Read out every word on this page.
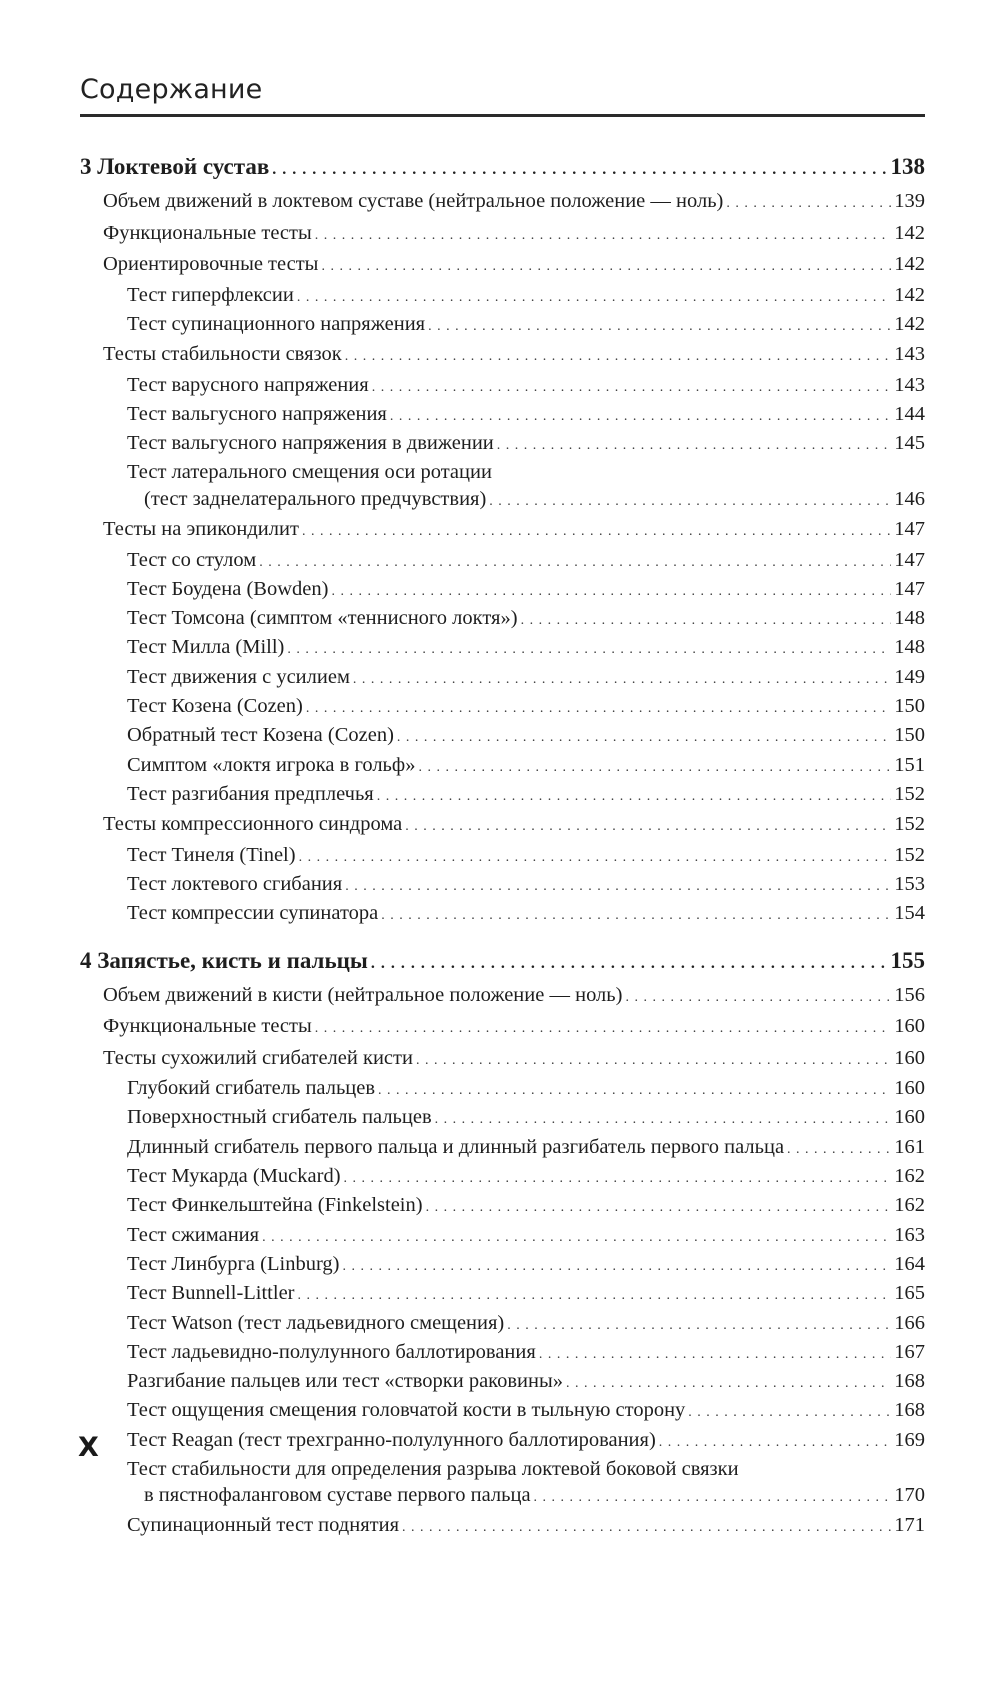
Содержание
3 Локтевой сустав . . .	138
Объем движений в локтевом суставе (нейтральное положение — ноль) . . .	139
Функциональные тесты . . .	142
Ориентировочные тесты . . .	142
Тест гиперфлексии . . .	142
Тест супинационного напряжения . . .	142
Тесты стабильности связок . . .	143
Тест варусного напряжения . . .	143
Тест вальгусного напряжения . . .	144
Тест вальгусного напряжения в движении . . .	145
Тест латерального смещения оси ротации
(тест заднелатерального предчувствия) . . .	146
Тесты на эпикондилит . . .	147
Тест со стулом . . .	147
Тест Боудена (Bowden) . . .	147
Тест Томсона (симптом «теннисного локтя») . . .	148
Тест Милла (Mill) . . .	148
Тест движения с усилием . . .	149
Тест Козена (Cozen) . . .	150
Обратный тест Козена (Cozen) . . .	150
Симптом «локтя игрока в гольф» . . .	151
Тест разгибания предплечья . . .	152
Тесты компрессионного синдрома . . .	152
Тест Тинеля (Tinel) . . .	152
Тест локтевого сгибания . . .	153
Тест компрессии супинатора . . .	154
4 Запястье, кисть и пальцы . . .	155
Объем движений в кисти (нейтральное положение — ноль) . . .	156
Функциональные тесты . . .	160
Тесты сухожилий сгибателей кисти . . .	160
Глубокий сгибатель пальцев . . .	160
Поверхностный сгибатель пальцев . . .	160
Длинный сгибатель первого пальца и длинный разгибатель первого пальца . . .	161
Тест Мукарда (Muckard) . . .	162
Тест Финкельштейна (Finkelstein) . . .	162
Тест сжимания . . .	163
Тест Линбурга (Linburg) . . .	164
Тест Bunnell-Littler . . .	165
Тест Watson (тест ладьевидного смещения) . . .	166
Тест ладьевидно-полулунного баллотирования . . .	167
Разгибание пальцев или тест «створки раковины» . . .	168
Тест ощущения смещения головчатой кости в тыльную сторону . . .	168
Тест Reagan (тест трехгранно-полулунного баллотирования) . . .	169
Тест стабильности для определения разрыва локтевой боковой связки
в пястнофаланговом суставе первого пальца . . .	170
Супинационный тест поднятия . . .	171
X
